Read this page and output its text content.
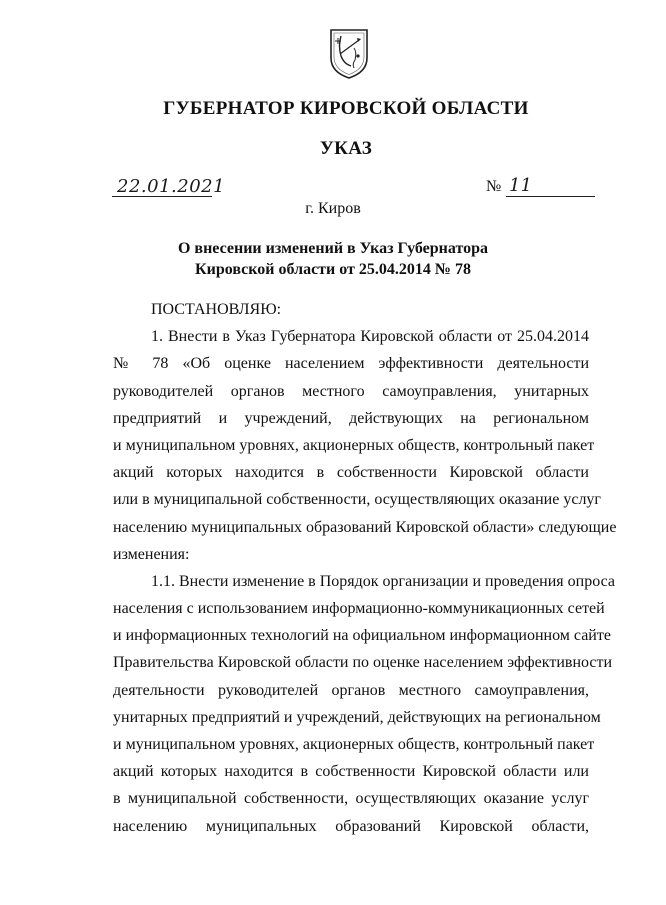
ГУБЕРНАТОР КИРОВСКОЙ ОБЛАСТИ
УКАЗ
22.01.2021	№ 11
г. Киров
О внесении изменений в Указ Губернатора
Кировской области от 25.04.2014 № 78
ПОСТАНОВЛЯЮ:
1. Внести в Указ Губернатора Кировской области от 25.04.2014
№ 78 «Об оценке населением эффективности деятельности
руководителей органов местного самоуправления, унитарных
предприятий и учреждений, действующих на региональном
и муниципальном уровнях, акционерных обществ, контрольный пакет
акций которых находится в собственности Кировской области
или в муниципальной собственности, осуществляющих оказание услуг
населению муниципальных образований Кировской области» следующие
изменения:
1.1. Внести изменение в Порядок организации и проведения опроса
населения с использованием информационно-коммуникационных сетей
и информационных технологий на официальном информационном сайте
Правительства Кировской области по оценке населением эффективности
деятельности руководителей органов местного самоуправления,
унитарных предприятий и учреждений, действующих на региональном
и муниципальном уровнях, акционерных обществ, контрольный пакет
акций которых находится в собственности Кировской области или
в муниципальной собственности, осуществляющих оказание услуг
населению муниципальных образований Кировской области,
